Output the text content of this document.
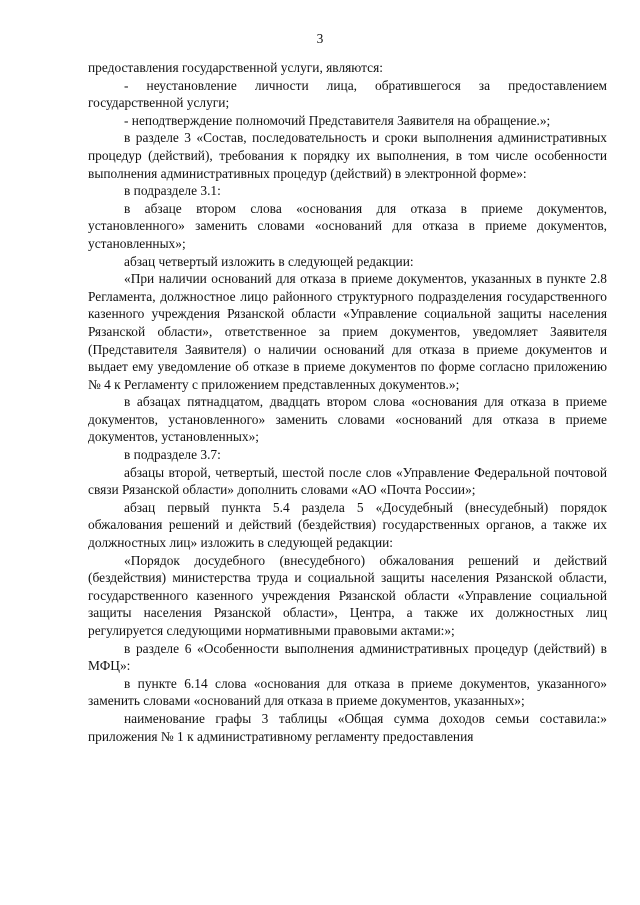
3

предоставления государственной услуги, являются:

- неустановление личности лица, обратившегося за предоставлением государственной услуги;

- неподтверждение полномочий Представителя Заявителя на обращение.»;

в разделе 3 «Состав, последовательность и сроки выполнения административных процедур (действий), требования к порядку их выполнения, в том числе особенности выполнения административных процедур (действий) в электронной форме»:

в подразделе 3.1:

в абзаце втором слова «основания для отказа в приеме документов, установленного» заменить словами «оснований для отказа в приеме документов, установленных»;

абзац четвертый изложить в следующей редакции:

«При наличии оснований для отказа в приеме документов, указанных в пункте 2.8 Регламента, должностное лицо районного структурного подразделения государственного казенного учреждения Рязанской области «Управление социальной защиты населения Рязанской области», ответственное за прием документов, уведомляет Заявителя (Представителя Заявителя) о наличии оснований для отказа в приеме документов и выдает ему уведомление об отказе в приеме документов по форме согласно приложению № 4 к Регламенту с приложением представленных документов.»;

в абзацах пятнадцатом, двадцать втором слова «основания для отказа в приеме документов, установленного» заменить словами «оснований для отказа в приеме документов, установленных»;

в подразделе 3.7:

абзацы второй, четвертый, шестой после слов «Управление Федеральной почтовой связи Рязанской области» дополнить словами «АО «Почта России»;

абзац первый пункта 5.4 раздела 5 «Досудебный (внесудебный) порядок обжалования решений и действий (бездействия) государственных органов, а также их должностных лиц» изложить в следующей редакции:

«Порядок досудебного (внесудебного) обжалования решений и действий (бездействия) министерства труда и социальной защиты населения Рязанской области, государственного казенного учреждения Рязанской области «Управление социальной защиты населения Рязанской области», Центра, а также их должностных лиц регулируется следующими нормативными правовыми актами:»;

в разделе 6 «Особенности выполнения административных процедур (действий) в МФЦ»:

в пункте 6.14 слова «основания для отказа в приеме документов, указанного» заменить словами «оснований для отказа в приеме документов, указанных»;

наименование графы 3 таблицы «Общая сумма доходов семьи составила:» приложения № 1 к административному регламенту предоставления
